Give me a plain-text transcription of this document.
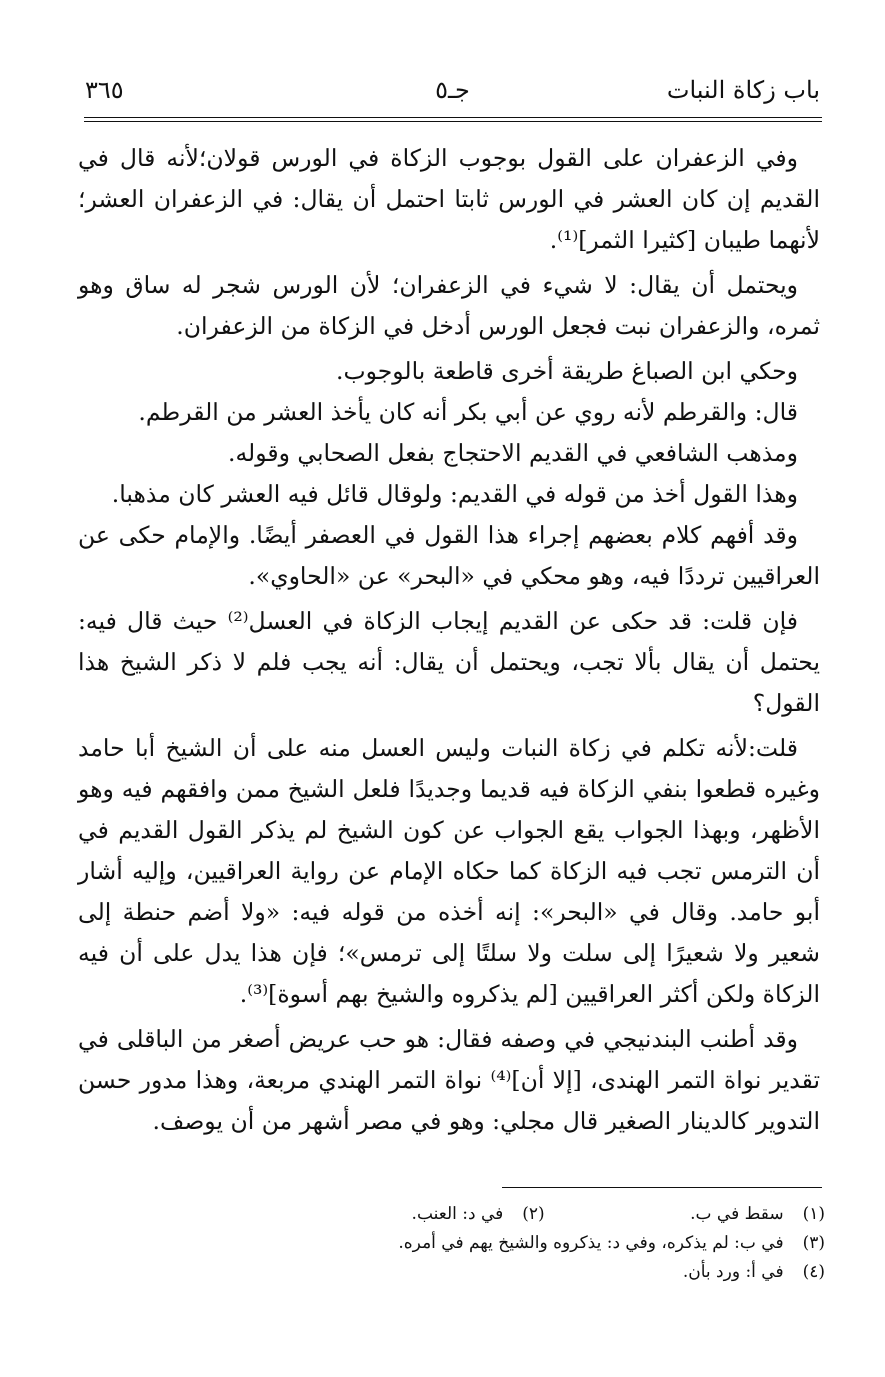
باب زكاة النبات
جـ٥
٣٦٥

وفي الزعفران على القول بوجوب الزكاة في الورس قولان؛لأنه قال في القديم إن كان العشر في الورس ثابتا احتمل أن يقال: في الزعفران العشر؛ لأنهما طيبان [كثيرا الثمر]⁽¹⁾.

ويحتمل أن يقال: لا شيء في الزعفران؛ لأن الورس شجر له ساق وهو ثمره، والزعفران نبت فجعل الورس أدخل في الزكاة من الزعفران.

وحكي ابن الصباغ طريقة أخرى قاطعة بالوجوب.

قال: والقرطم لأنه روي عن أبي بكر أنه كان يأخذ العشر من القرطم.

ومذهب الشافعي في القديم الاحتجاج بفعل الصحابي وقوله.

وهذا القول أخذ من قوله في القديم: ولوقال قائل فيه العشر كان مذهبا.

وقد أفهم كلام بعضهم إجراء هذا القول في العصفر أيضًا. والإمام حكى عن العراقيين ترددًا فيه، وهو محكي في «البحر» عن «الحاوي».

فإن قلت: قد حكى عن القديم إيجاب الزكاة في العسل⁽²⁾ حيث قال فيه: يحتمل أن يقال بألا تجب، ويحتمل أن يقال: أنه يجب فلم لا ذكر الشيخ هذا القول؟

قلت:لأنه تكلم في زكاة النبات وليس العسل منه على أن الشيخ أبا حامد وغيره قطعوا بنفي الزكاة فيه قديما وجديدًا فلعل الشيخ ممن وافقهم فيه وهو الأظهر، وبهذا الجواب يقع الجواب عن كون الشيخ لم يذكر القول القديم في أن الترمس تجب فيه الزكاة كما حكاه الإمام عن رواية العراقيين، وإليه أشار أبو حامد. وقال في «البحر»: إنه أخذه من قوله فيه: «ولا أضم حنطة إلى شعير ولا شعيرًا إلى سلت ولا سلتًا إلى ترمس»؛ فإن هذا يدل على أن فيه الزكاة ولكن أكثر العراقيين [لم يذكروه والشيخ بهم أسوة]⁽³⁾.

وقد أطنب البندنيجي في وصفه فقال: هو حب عريض أصغر من الباقلى في تقدير نواة التمر الهندى، [إلا أن]⁽⁴⁾ نواة التمر الهندي مربعة، وهذا مدور حسن التدوير كالدينار الصغير قال مجلي: وهو في مصر أشهر من أن يوصف.

(١) سقط في ب. (٢) في د: العنب.
(٣) في ب: لم يذكره، وفي د: يذكروه والشيخ يهم في أمره.
(٤) في أ: ورد بأن.
